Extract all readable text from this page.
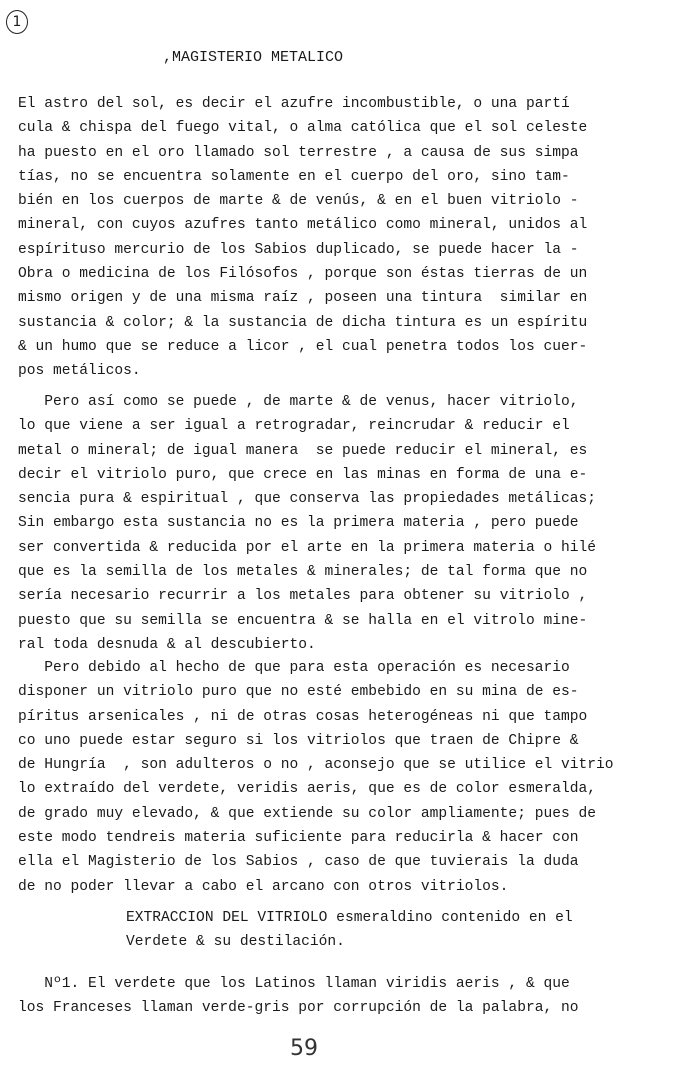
1
,MAGISTERIO METALICO
El astro del sol, es decir el azufre incombustible, o una partí
cula & chispa del fuego vital, o alma católica que el sol celeste
ha puesto en el oro llamado sol terrestre , a causa de sus simpa
tías, no se encuentra solamente en el cuerpo del oro, sino tam-
bién en los cuerpos de marte & de venús, & en el buen vitriolo -
mineral, con cuyos azufres tanto metálico como mineral, unidos al
espírituso mercurio de los Sabios duplicado, se puede hacer la -
Obra o medicina de los Filósofos , porque son éstas tierras de un
mismo origen y de una misma raíz , poseen una tintura  similar en
sustancia & color; & la sustancia de dicha tintura es un espíritu
& un humo que se reduce a licor , el cual penetra todos los cuer-
pos metálicos.
Pero así como se puede , de marte & de venus, hacer vitriolo,
lo que viene a ser igual a retrogradar, reincrudar & reducir el
metal o mineral; de igual manera  se puede reducir el mineral, es
decir el vitriolo puro, que crece en las minas en forma de una e-
sencia pura & espiritual , que conserva las propiedades metálicas;
Sin embargo esta sustancia no es la primera materia , pero puede
ser convertida & reducida por el arte en la primera materia o hilé
que es la semilla de los metales & minerales; de tal forma que no
sería necesario recurrir a los metales para obtener su vitriolo ,
puesto que su semilla se encuentra & se halla en el vitrolo mine-
ral toda desnuda & al descubierto.
Pero debido al hecho de que para esta operación es necesario
disponer un vitriolo puro que no esté embebido en su mina de es-
píritus arsenicales , ni de otras cosas heterogéneas ni que tampo
co uno puede estar seguro si los vitriolos que traen de Chipre &
de Hungría  , son adulteros o no , aconsejo que se utilice el vitrio
lo extraído del verdete, veridis aeris, que es de color esmeralda,
de grado muy elevado, & que extiende su color ampliamente; pues de
este modo tendreis materia suficiente para reducirla & hacer con
ella el Magisterio de los Sabios , caso de que tuvierais la duda
de no poder llevar a cabo el arcano con otros vitriolos.
EXTRACCION DEL VITRIOLO esmeraldino contenido en el
Verdete & su destilación.
Nº1. El verdete que los Latinos llaman viridis aeris , & que
los Franceses llaman verde-gris por corrupción de la palabra, no
59
